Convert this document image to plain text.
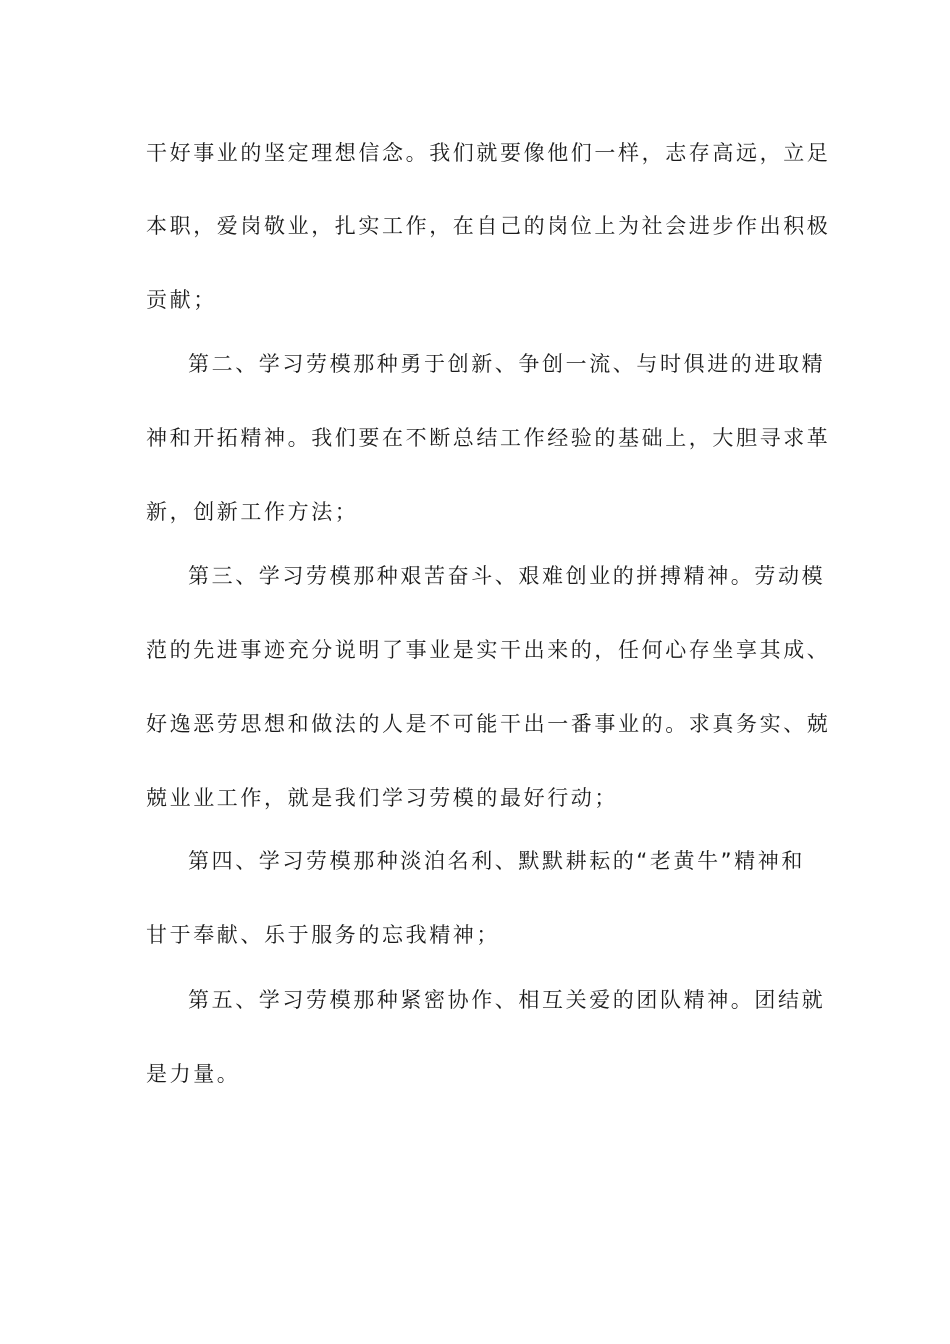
干好事业的坚定理想信念。我们就要像他们一样，志存高远，立足
本职，爱岗敬业，扎实工作，在自己的岗位上为社会进步作出积极
贡献；
第二、学习劳模那种勇于创新、争创一流、与时俱进的进取精
神和开拓精神。我们要在不断总结工作经验的基础上，大胆寻求革
新，创新工作方法；
第三、学习劳模那种艰苦奋斗、艰难创业的拼搏精神。劳动模
范的先进事迹充分说明了事业是实干出来的，任何心存坐享其成、
好逸恶劳思想和做法的人是不可能干出一番事业的。求真务实、兢
兢业业工作，就是我们学习劳模的最好行动；
第四、学习劳模那种淡泊名利、默默耕耘的“老黄牛”精神和
甘于奉献、乐于服务的忘我精神；
第五、学习劳模那种紧密协作、相互关爱的团队精神。团结就
是力量。
